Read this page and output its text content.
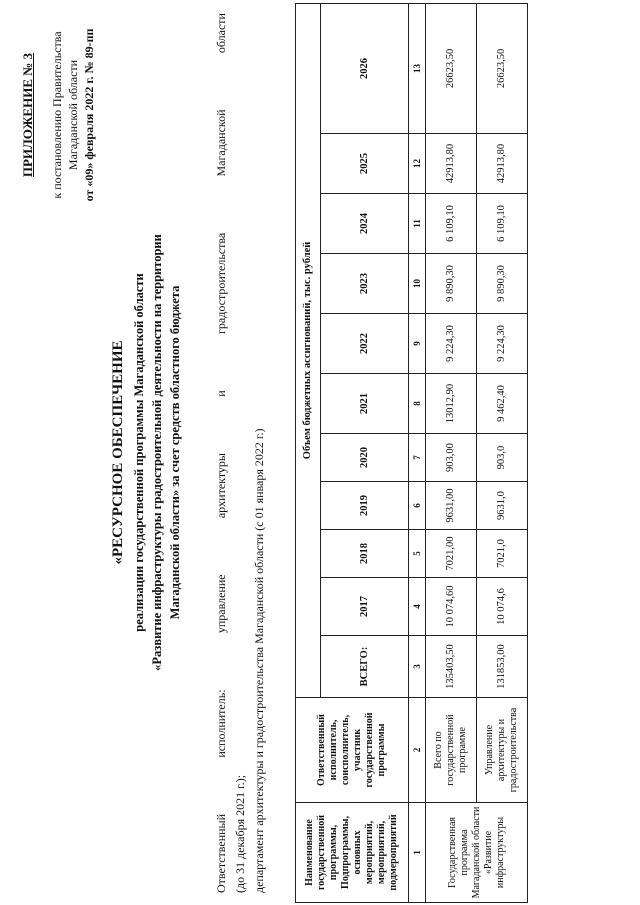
ПРИЛОЖЕНИЕ № 3 к постановлению Правительства Магаданской области от «09» февраля 2022 г. № 89-пп
«РЕСУРСНОЕ ОБЕСПЕЧЕНИЕ реализации государственной программы Магаданской области «Развитие инфраструктуры градостроительной деятельности на территории Магаданской области» за счет средств областного бюджета
Ответственный
исполнитель:
управление
архитектуры
и
градостроительства
Магаданской
области
(до 31 декабря 2021 г.); департамент архитектуры и градостроительства Магаданской области (с 01 января 2022 г.)	Наименование государственной программы, Подпрограммы, основных мероприятий, мероприятий, подмероприятий	Ответственный исполнитель, соисполнитель, участник государственной программы	Объем бюджетных ассигнований, тыс. рублей										
		ВСЕГО:	2017	2018	2019	2020	2021	2022	2023	2024	2025	2026
1	2	3	4	5	6	7	8	9	10	11	12	13
Государственная программа Магаданской области «Развитие инфраструктуры	Всего по государственной программе	135403,50	10 074,60	7021,00	9631,00	903,00	13012,90	9 224,30	9 890,30	6 109,10	42913,80	26623,50
	Управление архитектуры и градостроительства	131853,00	10 074,6	7021,0	9631,0	903,0	9 462,40	9 224,30	9 890,30	6 109,10	42913,80	26623,50
